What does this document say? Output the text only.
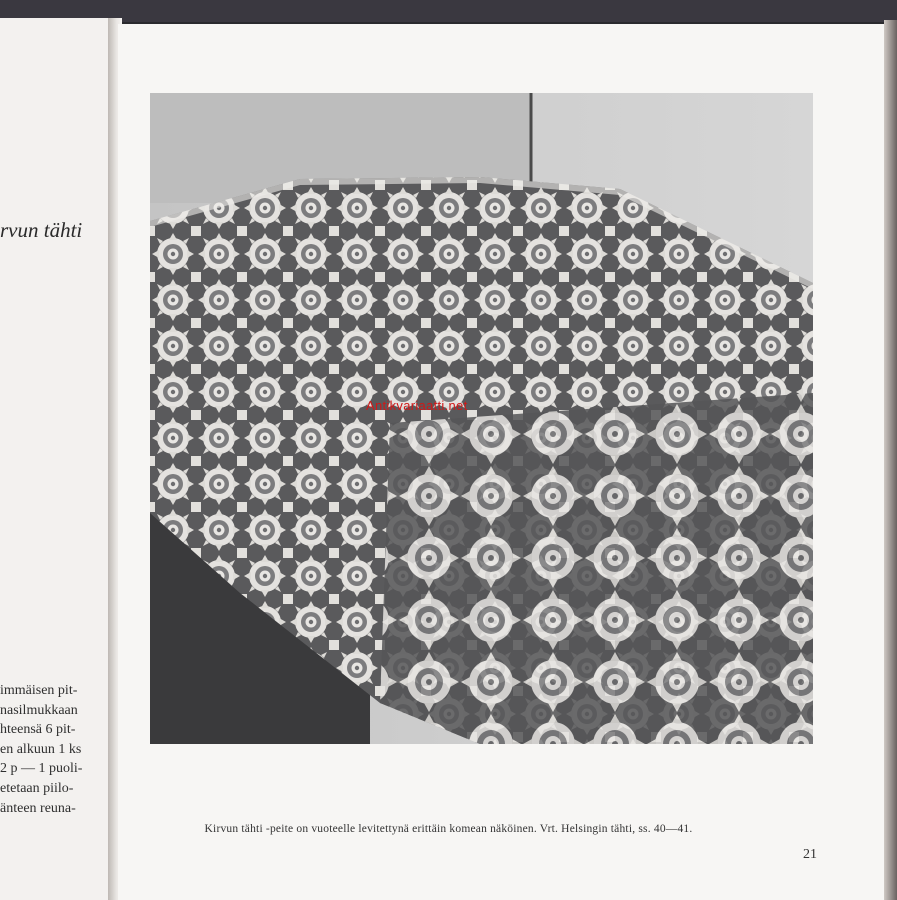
rvun tähti
immäisen pit-
nasilmukkaan
hteensä 6 pit-
en alkuun 1 ks
2 p — 1 puoli-
etetaan piilo-
änteen reuna-
Antikvariaatti.net
Kirvun tähti -peite on vuoteelle levitettynä erittäin komean näköinen. Vrt. Helsingin tähti, ss. 40—41.
21
